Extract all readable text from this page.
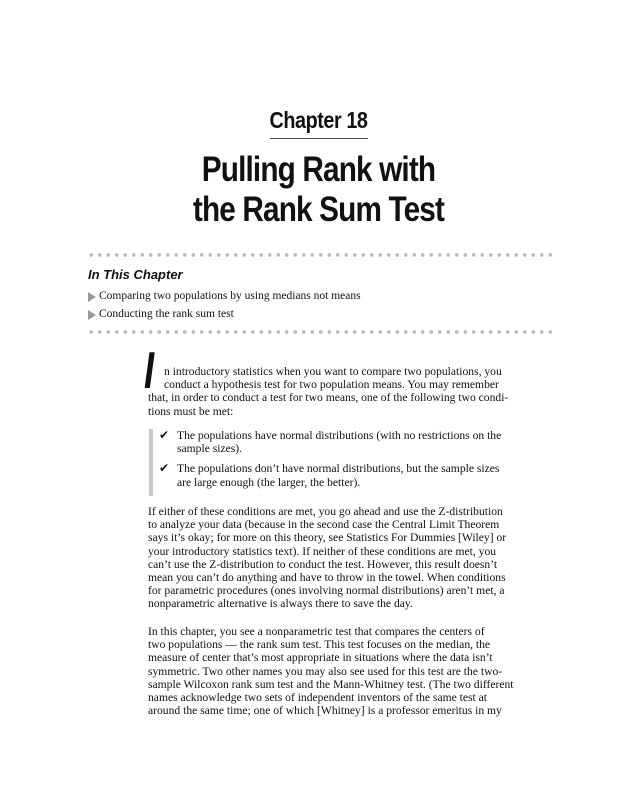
Chapter 18
Pulling Rank with
the Rank Sum Test
In This Chapter
Comparing two populations by using medians not means
Conducting the rank sum test
I n introductory statistics when you want to compare two populations, you
conduct a hypothesis test for two population means. You may remember
that, in order to conduct a test for two means, one of the following two condi-
tions must be met:
✔ The populations have normal distributions (with no restrictions on the
sample sizes).
✔ The populations don’t have normal distributions, but the sample sizes
are large enough (the larger, the better).
If either of these conditions are met, you go ahead and use the Z-distribution
to analyze your data (because in the second case the Central Limit Theorem
says it’s okay; for more on this theory, see Statistics For Dummies [Wiley] or
your introductory statistics text). If neither of these conditions are met, you
can’t use the Z-distribution to conduct the test. However, this result doesn’t
mean you can’t do anything and have to throw in the towel. When conditions
for parametric procedures (ones involving normal distributions) aren’t met, a
nonparametric alternative is always there to save the day.
In this chapter, you see a nonparametric test that compares the centers of
two populations — the rank sum test. This test focuses on the median, the
measure of center that’s most appropriate in situations where the data isn’t
symmetric. Two other names you may also see used for this test are the two-
sample Wilcoxon rank sum test and the Mann-Whitney test. (The two different
names acknowledge two sets of independent inventors of the same test at
around the same time; one of which [Whitney] is a professor emeritus in my
